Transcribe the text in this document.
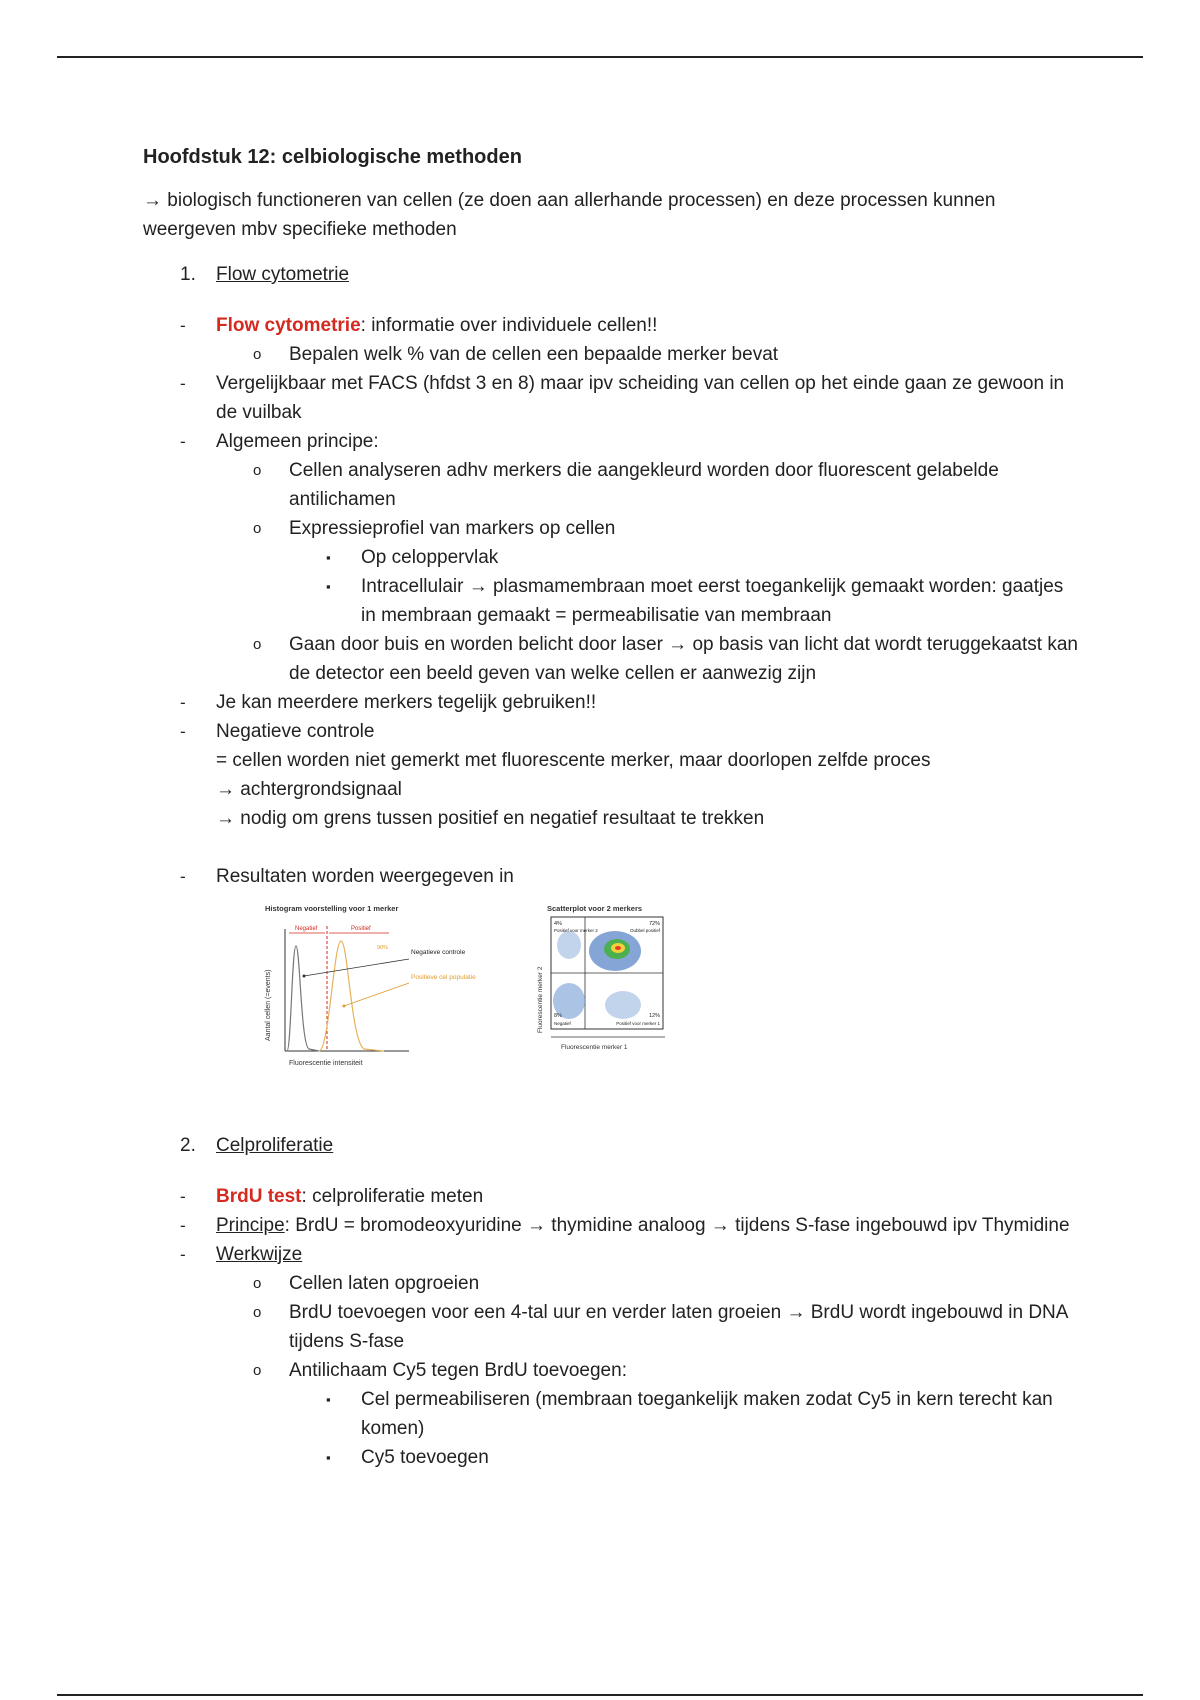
Hoofdstuk 12: celbiologische methoden

→ biologisch functioneren van cellen (ze doen aan allerhande processen) en deze processen kunnen weergeven mbv specifieke methoden

1. Flow cytometrie
- Flow cytometrie: informatie over individuele cellen!!
o Bepalen welk % van de cellen een bepaalde merker bevat
- Vergelijkbaar met FACS (hfdst 3 en 8) maar ipv scheiding van cellen op het einde gaan ze gewoon in de vuilbak
- Algemeen principe:
o Cellen analyseren adhv merkers die aangekleurd worden door fluorescent gelabelde antilichamen
o Expressieprofiel van markers op cellen
▪ Op celoppervlak
▪ Intracellulair → plasmamembraan moet eerst toegankelijk gemaakt worden: gaatjes in membraan gemaakt = permeabilisatie van membraan
o Gaan door buis en worden belicht door laser → op basis van licht dat wordt teruggekaatst kan de detector een beeld geven van welke cellen er aanwezig zijn
- Je kan meerdere merkers tegelijk gebruiken!!
- Negatieve controle
= cellen worden niet gemerkt met fluorescente merker, maar doorlopen zelfde proces
→ achtergrondsignaal
→ nodig om grens tussen positief en negatief resultaat te trekken
- Resultaten worden weergegeven in
Histogram voorstelling voor 1 merker
Aantal cellen (=events)
Negatief	Positief
90%
Negatieve controle
Positieve cel populatie
Fluorescentie intensiteit
Scatterplot voor 2 merkers
Fluorescentie merker 2
4%
Positief voor merker 2
72%
Dubbel positief
8%
Negatief
12%
Positief voor merker 1
Fluorescentie merker 1
2. Celproliferatie
- BrdU test: celproliferatie meten
- Principe: BrdU = bromodeoxyuridine → thymidine analoog → tijdens S-fase ingebouwd ipv Thymidine
- Werkwijze
o Cellen laten opgroeien
o BrdU toevoegen voor een 4-tal uur en verder laten groeien → BrdU wordt ingebouwd in DNA tijdens S-fase
o Antilichaam Cy5 tegen BrdU toevoegen:
▪ Cel permeabiliseren (membraan toegankelijk maken zodat Cy5 in kern terecht kan komen)
▪ Cy5 toevoegen
